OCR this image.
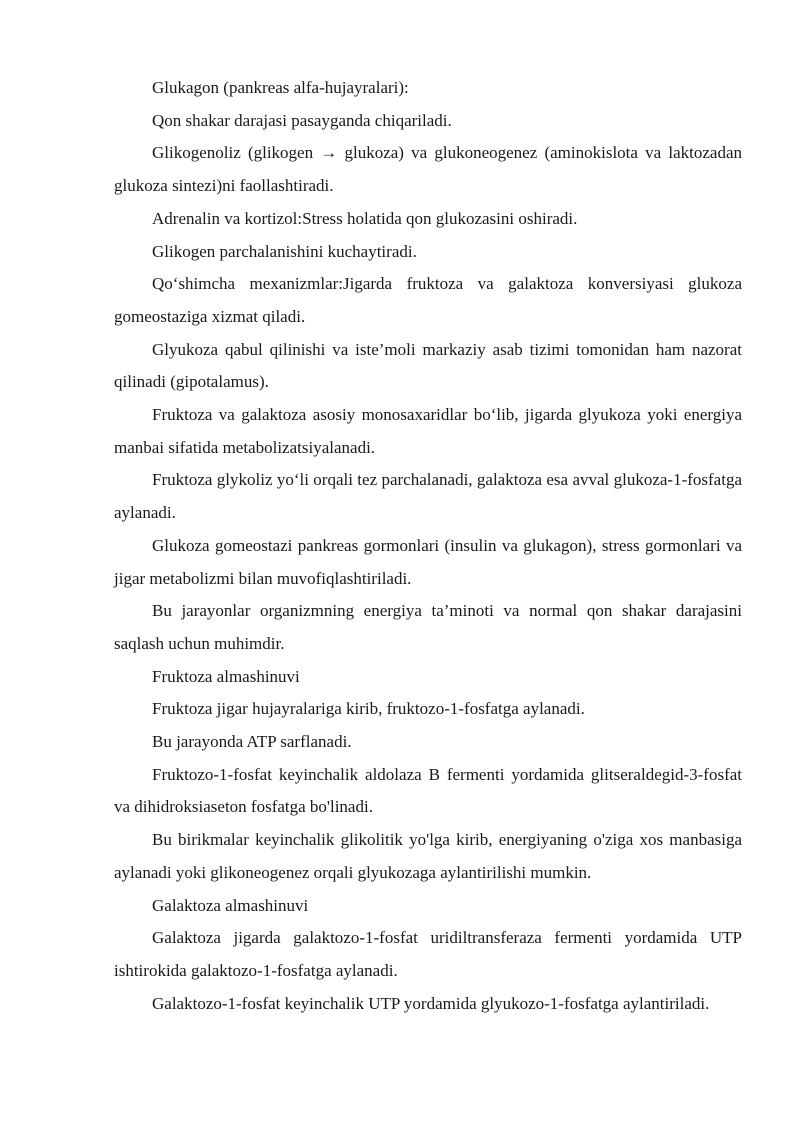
Glukagon (pankreas alfa-hujayralari):

Qon shakar darajasi pasayganda chiqariladi.

Glikogenoliz (glikogen → glukoza) va glukoneogenez (aminokislota va laktozadan glukoza sintezi)ni faollashtiradi.

Adrenalin va kortizol:Stress holatida qon glukozasini oshiradi.

Glikogen parchalanishini kuchaytiradi.

Qo‘shimcha mexanizmlar:Jigarda fruktoza va galaktoza konversiyasi glukoza gomeostaziga xizmat qiladi.

Glyukoza qabul qilinishi va iste’moli markaziy asab tizimi tomonidan ham nazorat qilinadi (gipotalamus).

Fruktoza va galaktoza asosiy monosaxaridlar bo‘lib, jigarda glyukoza yoki energiya manbai sifatida metabolizatsiyalanadi.

Fruktoza glykoliz yo‘li orqali tez parchalanadi, galaktoza esa avval glukoza-1-fosfatga aylanadi.

Glukoza gomeostazi pankreas gormonlari (insulin va glukagon), stress gormonlari va jigar metabolizmi bilan muvofiqlashtiriladi.

Bu jarayonlar organizmning energiya ta’minoti va normal qon shakar darajasini saqlash uchun muhimdir.

Fruktoza almashinuvi

Fruktoza jigar hujayralariga kirib, fruktozo-1-fosfatga aylanadi.

Bu jarayonda ATP sarflanadi.

Fruktozo-1-fosfat keyinchalik aldolaza B fermenti yordamida glitseraldegid-3-fosfat va dihidroksiaseton fosfatga bo'linadi.

Bu birikmalar keyinchalik glikolitik yo'lga kirib, energiyaning o'ziga xos manbasiga aylanadi yoki glikoneogenez orqali glyukozaga aylantirilishi mumkin.

Galaktoza almashinuvi

Galaktoza jigarda galaktozo-1-fosfat uridiltransferaza fermenti yordamida UTP ishtirokida galaktozo-1-fosfatga aylanadi.

Galaktozo-1-fosfat keyinchalik UTP yordamida glyukozo-1-fosfatga aylantiriladi.
